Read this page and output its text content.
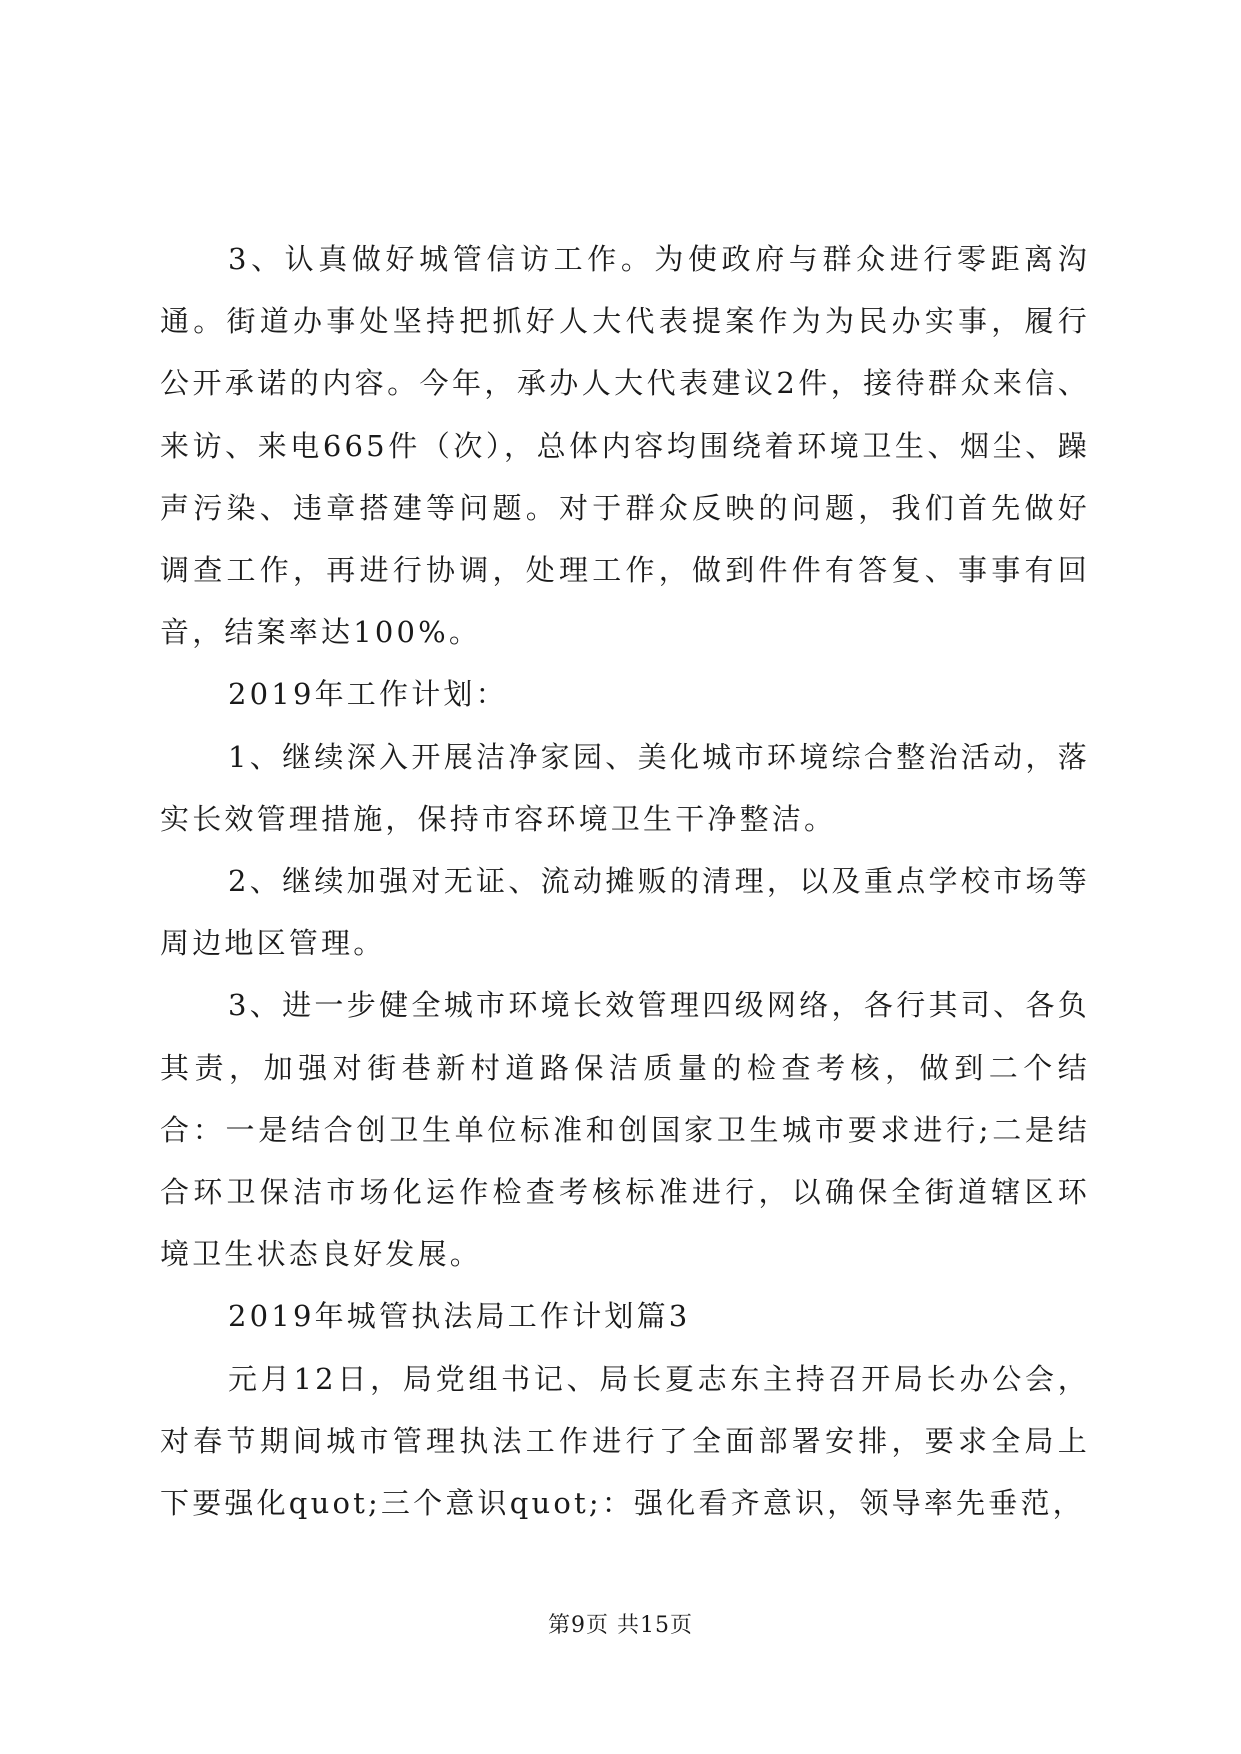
3、认真做好城管信访工作。为使政府与群众进行零距离沟通。街道办事处坚持把抓好人大代表提案作为为民办实事，履行公开承诺的内容。今年，承办人大代表建议2件，接待群众来信、来访、来电665件（次），总体内容均围绕着环境卫生、烟尘、躁声污染、违章搭建等问题。对于群众反映的问题，我们首先做好调查工作，再进行协调，处理工作，做到件件有答复、事事有回音，结案率达100%。

2019年工作计划：

1、继续深入开展洁净家园、美化城市环境综合整治活动，落实长效管理措施，保持市容环境卫生干净整洁。

2、继续加强对无证、流动摊贩的清理，以及重点学校市场等周边地区管理。

3、进一步健全城市环境长效管理四级网络，各行其司、各负其责，加强对街巷新村道路保洁质量的检查考核，做到二个结合：一是结合创卫生单位标准和创国家卫生城市要求进行;二是结合环卫保洁市场化运作检查考核标准进行，以确保全街道辖区环境卫生状态良好发展。

2019年城管执法局工作计划篇3

元月12日，局党组书记、局长夏志东主持召开局长办公会，对春节期间城市管理执法工作进行了全面部署安排，要求全局上下要强化quot;三个意识quot;：强化看齐意识，领导率先垂范，

第9页 共15页
